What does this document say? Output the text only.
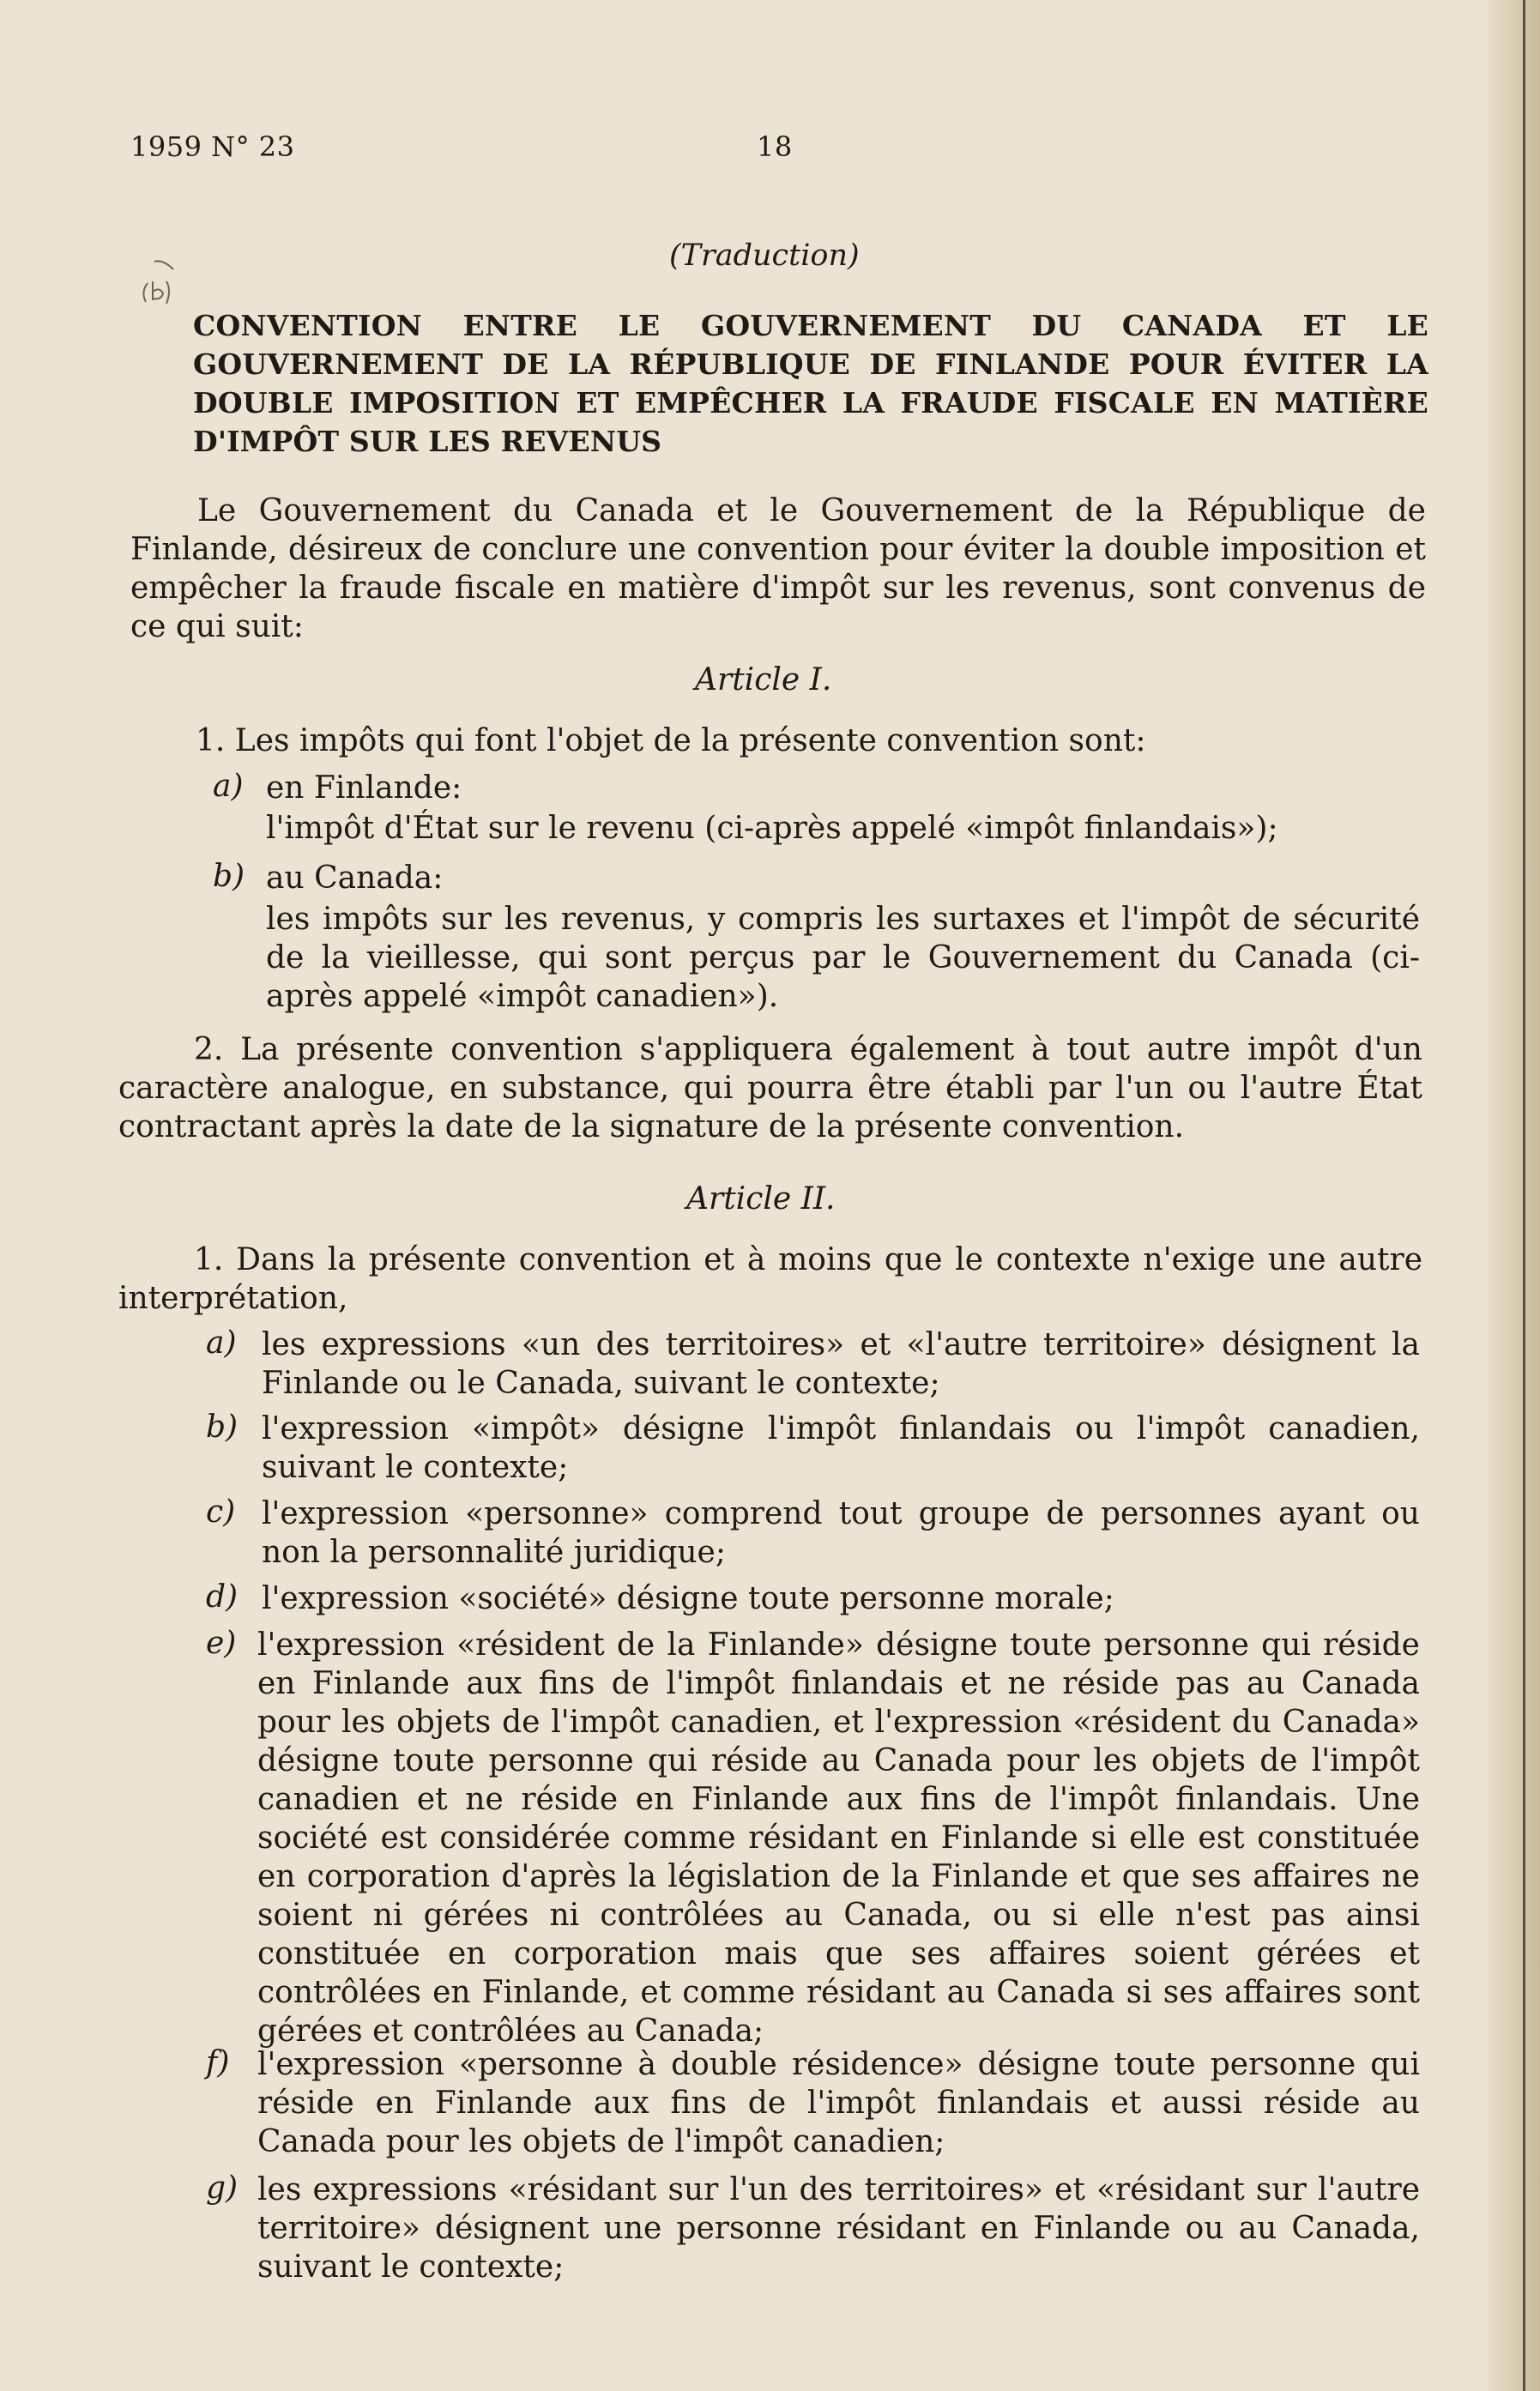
1959 N° 23	18
(Traduction)
CONVENTION ENTRE LE GOUVERNEMENT DU CANADA ET LE GOUVERNEMENT DE LA RÉPUBLIQUE DE FINLANDE POUR ÉVITER LA DOUBLE IMPOSITION ET EMPÊCHER LA FRAUDE FISCALE EN MATIÈRE D'IMPÔT SUR LES REVENUS
Le Gouvernement du Canada et le Gouvernement de la République de Finlande, désireux de conclure une convention pour éviter la double imposition et empêcher la fraude fiscale en matière d'impôt sur les revenus, sont convenus de ce qui suit:
Article I.
1. Les impôts qui font l'objet de la présente convention sont:
a) en Finlande:
l'impôt d'État sur le revenu (ci-après appelé «impôt finlandais»);
b) au Canada:
les impôts sur les revenus, y compris les surtaxes et l'impôt de sécurité de la vieillesse, qui sont perçus par le Gouvernement du Canada (ci-après appelé «impôt canadien»).
2. La présente convention s'appliquera également à tout autre impôt d'un caractère analogue, en substance, qui pourra être établi par l'un ou l'autre État contractant après la date de la signature de la présente convention.
Article II.
1. Dans la présente convention et à moins que le contexte n'exige une autre interprétation,
a) les expressions «un des territoires» et «l'autre territoire» désignent la Finlande ou le Canada, suivant le contexte;
b) l'expression «impôt» désigne l'impôt finlandais ou l'impôt canadien, suivant le contexte;
c) l'expression «personne» comprend tout groupe de personnes ayant ou non la personnalité juridique;
d) l'expression «société» désigne toute personne morale;
e) l'expression «résident de la Finlande» désigne toute personne qui réside en Finlande aux fins de l'impôt finlandais et ne réside pas au Canada pour les objets de l'impôt canadien, et l'expression «résident du Canada» désigne toute personne qui réside au Canada pour les objets de l'impôt canadien et ne réside en Finlande aux fins de l'impôt finlandais. Une société est considérée comme résidant en Finlande si elle est constituée en corporation d'après la législation de la Finlande et que ses affaires ne soient ni gérées ni contrôlées au Canada, ou si elle n'est pas ainsi constituée en corporation mais que ses affaires soient gérées et contrôlées en Finlande, et comme résidant au Canada si ses affaires sont gérées et contrôlées au Canada;
f) l'expression «personne à double résidence» désigne toute personne qui réside en Finlande aux fins de l'impôt finlandais et aussi réside au Canada pour les objets de l'impôt canadien;
g) les expressions «résidant sur l'un des territoires» et «résidant sur l'autre territoire» désignent une personne résidant en Finlande ou au Canada, suivant le contexte;
